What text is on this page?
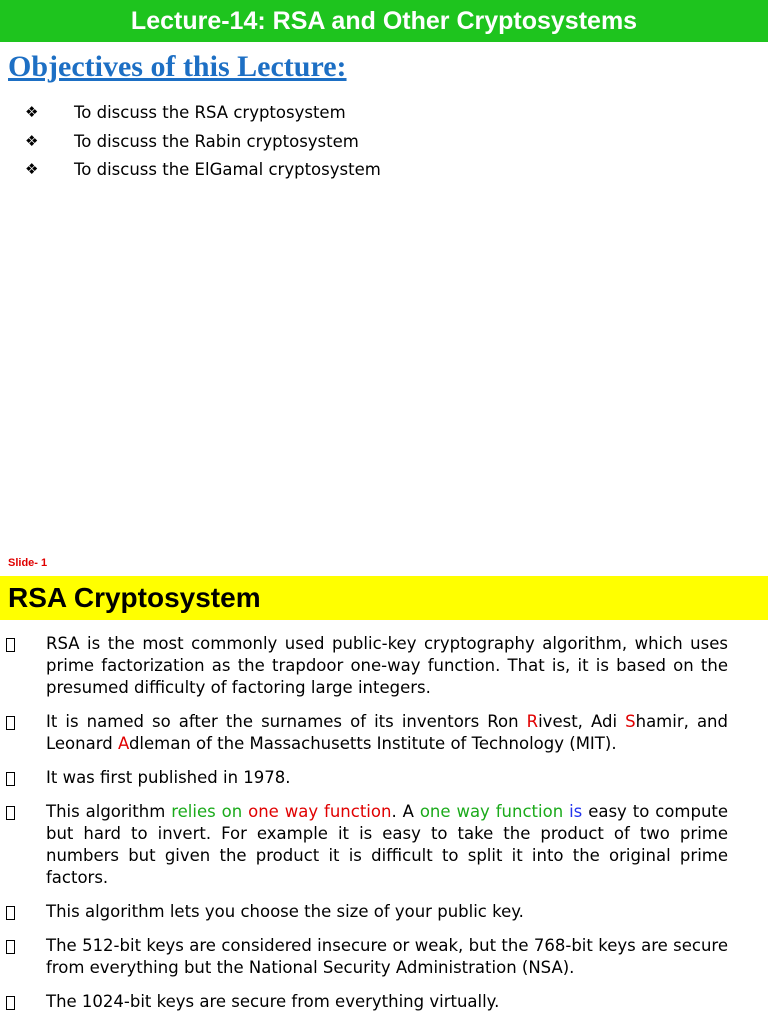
Lecture-14: RSA and Other Cryptosystems
Objectives of this Lecture:
❖ To discuss the RSA cryptosystem
❖ To discuss the Rabin cryptosystem
❖ To discuss the ElGamal cryptosystem
Slide- 1
RSA Cryptosystem
RSA is the most commonly used public-key cryptography algorithm, which uses prime factorization as the trapdoor one-way function. That is, it is based on the presumed difficulty of factoring large integers.
It is named so after the surnames of its inventors Ron Rivest, Adi Shamir, and Leonard Adleman of the Massachusetts Institute of Technology (MIT).
It was first published in 1978.
This algorithm relies on one way function. A one way function is easy to compute but hard to invert. For example it is easy to take the product of two prime numbers but given the product it is difficult to split it into the original prime factors.
This algorithm lets you choose the size of your public key.
The 512-bit keys are considered insecure or weak, but the 768-bit keys are secure from everything but the National Security Administration (NSA).
The 1024-bit keys are secure from everything virtually.
